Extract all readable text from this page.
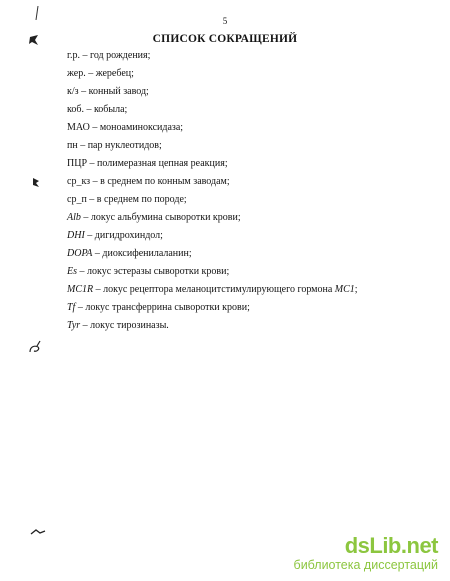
5
СПИСОК СОКРАЩЕНИЙ
г.р. – год рождения;
жер. – жеребец;
к/з – конный завод;
коб. – кобыла;
МАО – моноаминоксидаза;
пн – пар нуклеотидов;
ПЦР – полимеразная цепная реакция;
ср_кз – в среднем по конным заводам;
ср_п – в среднем по породе;
Alb – локус альбумина сыворотки крови;
DHI – дигидрохиндол;
DOPA – диоксифенилаланин;
Es – локус эстеразы сыворотки крови;
MC1R – локус рецептора меланоцитстимулирующего гормона MC1;
Tf – локус трансферрина сыворотки крови;
Tyr – локус тирозиназы.
dsLib.net
библиотека диссертаций
